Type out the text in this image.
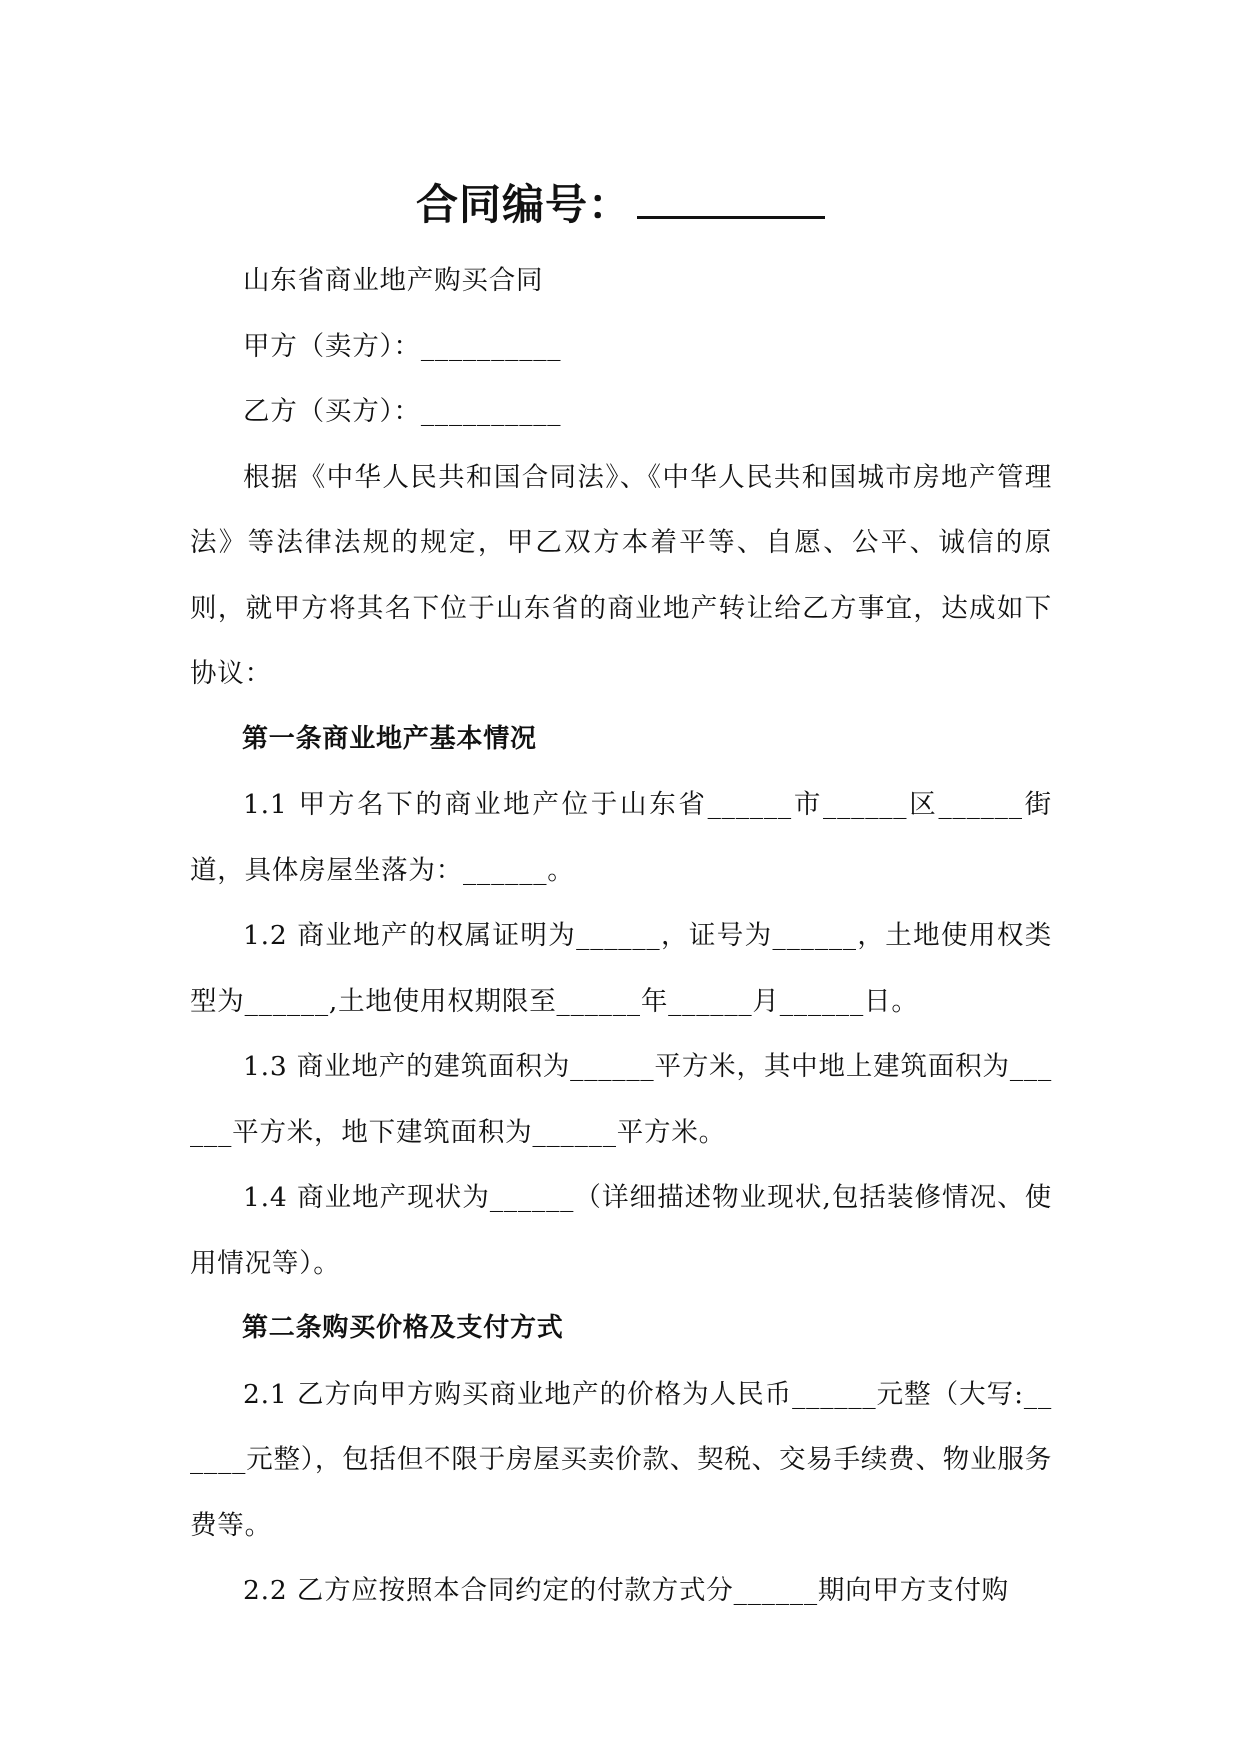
合同编号：

山东省商业地产购买合同

甲方（卖方）：__________

乙方（买方）：__________

根据《中华人民共和国合同法》、《中华人民共和国城市房地产管理法》等法律法规的规定，甲乙双方本着平等、自愿、公平、诚信的原则，就甲方将其名下位于山东省的商业地产转让给乙方事宜，达成如下协议：

第一条商业地产基本情况

1.1 甲方名下的商业地产位于山东省______市______区______街道，具体房屋坐落为：______。

1.2 商业地产的权属证明为______，证号为______，土地使用权类型为______,土地使用权期限至______年______月______日。

1.3 商业地产的建筑面积为______平方米，其中地上建筑面积为______平方米，地下建筑面积为______平方米。

1.4 商业地产现状为______（详细描述物业现状,包括装修情况、使用情况等）。

第二条购买价格及支付方式

2.1 乙方向甲方购买商业地产的价格为人民币______元整（大写:______元整），包括但不限于房屋买卖价款、契税、交易手续费、物业服务费等。

2.2 乙方应按照本合同约定的付款方式分______期向甲方支付购
